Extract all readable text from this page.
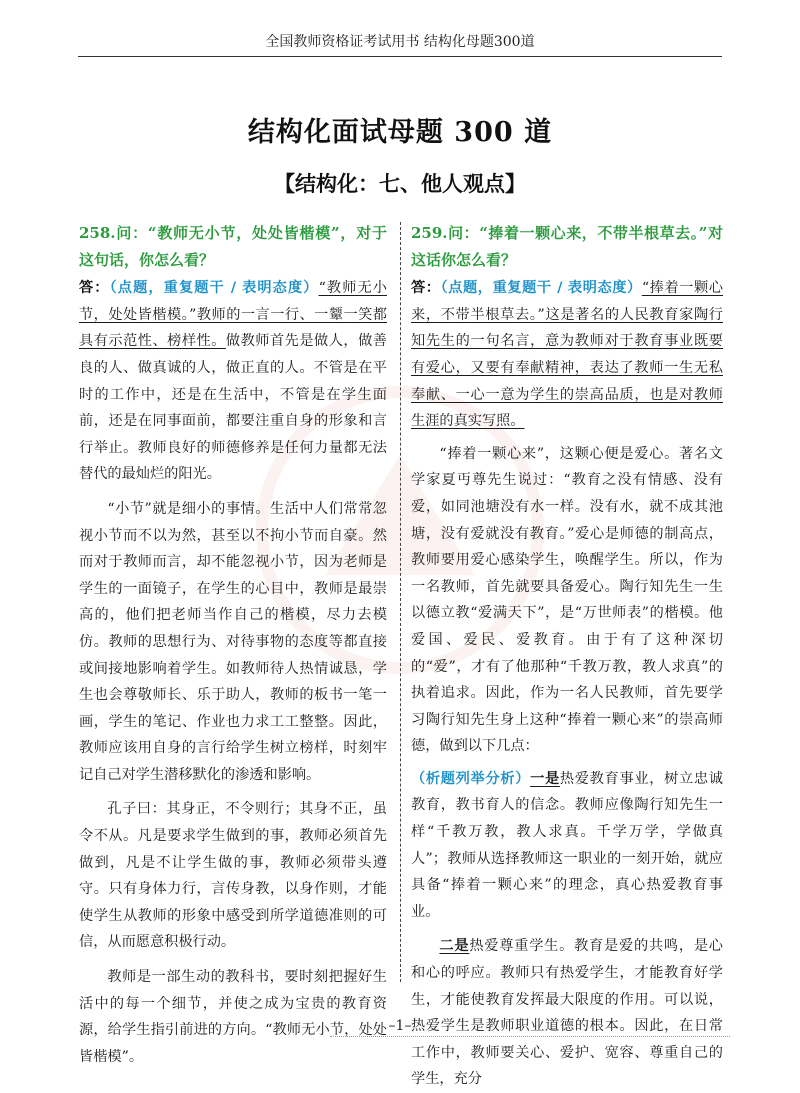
全国教师资格证考试用书 结构化母题300道
结构化面试母题 300 道
【结构化：七、他人观点】
258.问：“教师无小节，处处皆楷模”，对于这句话，你怎么看？

答：（点题，重复题干 / 表明态度）“教师无小节，处处皆楷模。”教师的一言一行、一颦一笑都具有示范性、榜样性。做教师首先是做人，做善良的人、做真诚的人，做正直的人。不管是在平时的工作中，还是在生活中，不管是在学生面前，还是在同事面前，都要注重自身的形象和言行举止。教师良好的师德修养是任何力量都无法替代的最灿烂的阳光。

“小节”就是细小的事情。生活中人们常常忽视小节而不以为然，甚至以不拘小节而自豪。然而对于教师而言，却不能忽视小节，因为老师是学生的一面镜子，在学生的心目中，教师是最崇高的，他们把老师当作自己的楷模，尽力去模仿。教师的思想行为、对待事物的态度等都直接或间接地影响着学生。如教师待人热情诚恳，学生也会尊敬师长、乐于助人，教师的板书一笔一画，学生的笔记、作业也力求工工整整。因此，教师应该用自身的言行给学生树立榜样，时刻牢记自己对学生潜移默化的渗透和影响。

孔子曰：其身正，不令则行；其身不正，虽令不从。凡是要求学生做到的事，教师必须首先做到，凡是不让学生做的事，教师必须带头遵守。只有身体力行，言传身教，以身作则，才能使学生从教师的形象中感受到所学道德准则的可信，从而愿意积极行动。

教师是一部生动的教科书，要时刻把握好生活中的每一个细节，并使之成为宝贵的教育资源，给学生指引前进的方向。“教师无小节，处处皆楷模”。

259.问：“捧着一颗心来，不带半根草去。”对这话你怎么看？

答：（点题，重复题干 / 表明态度）“捧着一颗心来，不带半根草去。”这是著名的人民教育家陶行知先生的一句名言，意为教师对于教育事业既要有爱心，又要有奉献精神，表达了教师一生无私奉献、一心一意为学生的崇高品质，也是对教师生涯的真实写照。

“捧着一颗心来”，这颗心便是爱心。著名文学家夏丏尊先生说过：“教育之没有情感、没有爱，如同池塘没有水一样。没有水，就不成其池塘，没有爱就没有教育。”爱心是师德的制高点，教师要用爱心感染学生，唤醒学生。所以，作为一名教师，首先就要具备爱心。陶行知先生一生以德立教“爱满天下”，是“万世师表”的楷模。他爱国、爱民、爱教育。由于有了这种深切的“爱”，才有了他那种“千教万教，教人求真”的执着追求。因此，作为一名人民教师，首先要学习陶行知先生身上这种“捧着一颗心来”的崇高师德，做到以下几点：

（析题列举分析）一是热爱教育事业，树立忠诚教育，教书育人的信念。教师应像陶行知先生一样“千教万教，教人求真。千学万学，学做真人”；教师从选择教师这一职业的一刻开始，就应具备“捧着一颗心来”的理念，真心热爱教育事业。

二是热爱尊重学生。教育是爱的共鸣，是心和心的呼应。教师只有热爱学生，才能教育好学生，才能使教育发挥最大限度的作用。可以说，热爱学生是教师职业道德的根本。因此，在日常工作中，教师要关心、爱护、宽容、尊重自己的学生，充分

–1–
